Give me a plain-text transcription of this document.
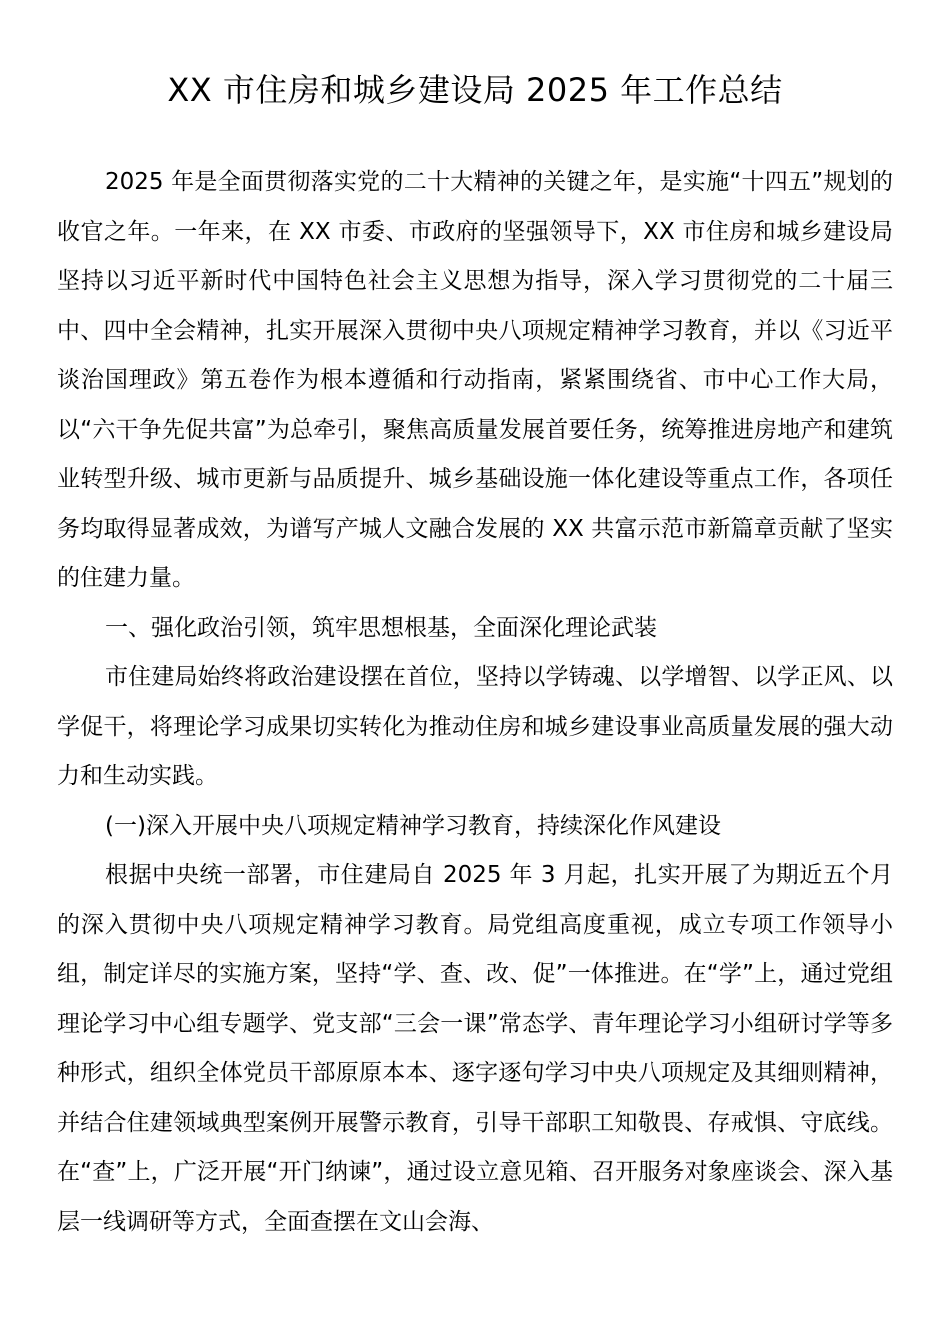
XX 市住房和城乡建设局 2025 年工作总结

2025 年是全面贯彻落实党的二十大精神的关键之年，是实施“十四五”规划的收官之年。一年来，在 XX 市委、市政府的坚强领导下，XX 市住房和城乡建设局坚持以习近平新时代中国特色社会主义思想为指导，深入学习贯彻党的二十届三中、四中全会精神，扎实开展深入贯彻中央八项规定精神学习教育，并以《习近平谈治国理政》第五卷作为根本遵循和行动指南，紧紧围绕省、市中心工作大局，以“六干争先促共富”为总牵引，聚焦高质量发展首要任务，统筹推进房地产和建筑业转型升级、城市更新与品质提升、城乡基础设施一体化建设等重点工作，各项任务均取得显著成效，为谱写产城人文融合发展的 XX 共富示范市新篇章贡献了坚实的住建力量。

一、强化政治引领，筑牢思想根基，全面深化理论武装

市住建局始终将政治建设摆在首位，坚持以学铸魂、以学增智、以学正风、以学促干，将理论学习成果切实转化为推动住房和城乡建设事业高质量发展的强大动力和生动实践。

(一)深入开展中央八项规定精神学习教育，持续深化作风建设

根据中央统一部署，市住建局自 2025 年 3 月起，扎实开展了为期近五个月的深入贯彻中央八项规定精神学习教育。局党组高度重视，成立专项工作领导小组，制定详尽的实施方案，坚持“学、查、改、促”一体推进。在“学”上，通过党组理论学习中心组专题学、党支部“三会一课”常态学、青年理论学习小组研讨学等多种形式，组织全体党员干部原原本本、逐字逐句学习中央八项规定及其细则精神，并结合住建领域典型案例开展警示教育，引导干部职工知敬畏、存戒惧、守底线。在“查”上，广泛开展“开门纳谏”，通过设立意见箱、召开服务对象座谈会、深入基层一线调研等方式，全面查摆在文山会海、
